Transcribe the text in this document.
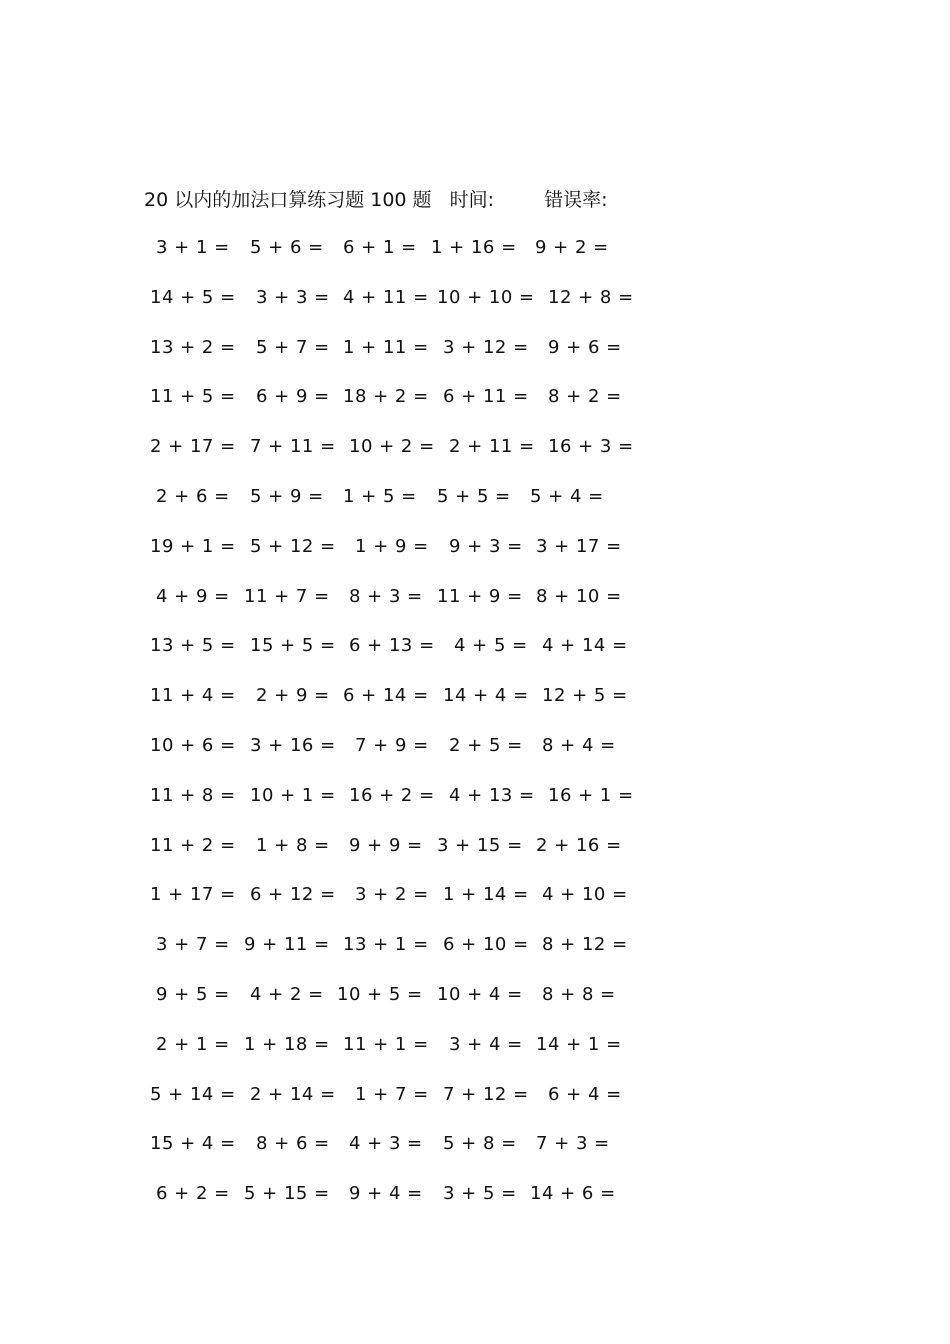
20 以内的加法口算练习题 100 题 时间:	错误率:
3 + 1 = 5 + 6 = 6 + 1 = 1 + 16 = 9 + 2 =
14 + 5 = 3 + 3 = 4 + 11 = 10 + 10 = 12 + 8 =
13 + 2 = 5 + 7 = 1 + 11 = 3 + 12 = 9 + 6 =
11 + 5 = 6 + 9 = 18 + 2 = 6 + 11 = 8 + 2 =
2 + 17 = 7 + 11 = 10 + 2 = 2 + 11 = 16 + 3 =
2 + 6 = 5 + 9 = 1 + 5 = 5 + 5 = 5 + 4 =
19 + 1 = 5 + 12 = 1 + 9 = 9 + 3 = 3 + 17 =
4 + 9 = 11 + 7 = 8 + 3 = 11 + 9 = 8 + 10 =
13 + 5 = 15 + 5 = 6 + 13 = 4 + 5 = 4 + 14 =
11 + 4 = 2 + 9 = 6 + 14 = 14 + 4 = 12 + 5 =
10 + 6 = 3 + 16 = 7 + 9 = 2 + 5 = 8 + 4 =
11 + 8 = 10 + 1 = 16 + 2 = 4 + 13 = 16 + 1 =
11 + 2 = 1 + 8 = 9 + 9 = 3 + 15 = 2 + 16 =
1 + 17 = 6 + 12 = 3 + 2 = 1 + 14 = 4 + 10 =
3 + 7 = 9 + 11 = 13 + 1 = 6 + 10 = 8 + 12 =
9 + 5 = 4 + 2 = 10 + 5 = 10 + 4 = 8 + 8 =
2 + 1 = 1 + 18 = 11 + 1 = 3 + 4 = 14 + 1 =
5 + 14 = 2 + 14 = 1 + 7 = 7 + 12 = 6 + 4 =
15 + 4 = 8 + 6 = 4 + 3 = 5 + 8 = 7 + 3 =
6 + 2 = 5 + 15 = 9 + 4 = 3 + 5 = 14 + 6 =
